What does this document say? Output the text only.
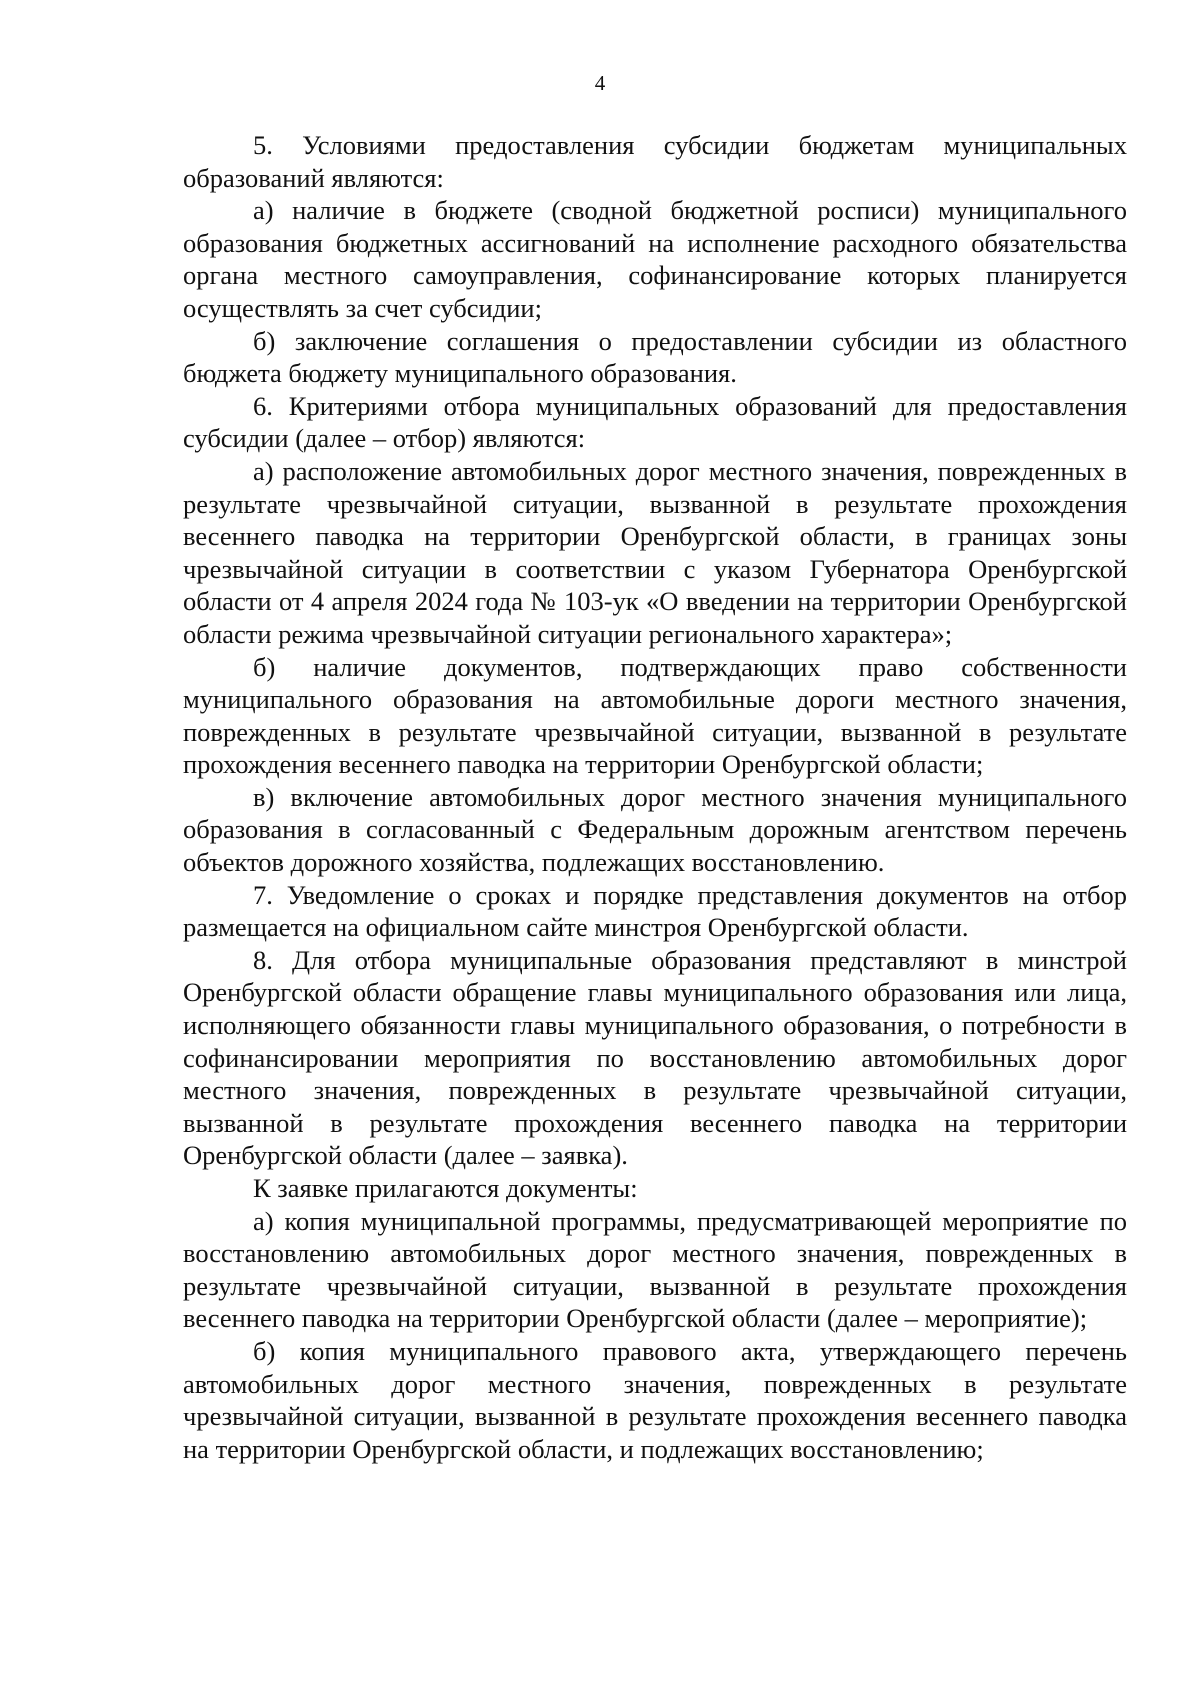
4

5. Условиями предоставления субсидии бюджетам муниципальных образований являются:

а) наличие в бюджете (сводной бюджетной росписи) муниципального образования бюджетных ассигнований на исполнение расходного обязательства органа местного самоуправления, софинансирование которых планируется осуществлять за счет субсидии;

б) заключение соглашения о предоставлении субсидии из областного бюджета бюджету муниципального образования.

6. Критериями отбора муниципальных образований для предоставления субсидии (далее – отбор) являются:

а) расположение автомобильных дорог местного значения, поврежденных в результате чрезвычайной ситуации, вызванной в результате прохождения весеннего паводка на территории Оренбургской области, в границах зоны чрезвычайной ситуации в соответствии с указом Губернатора Оренбургской области от 4 апреля 2024 года № 103-ук «О введении на территории Оренбургской области режима чрезвычайной ситуации регионального характера»;

б) наличие документов, подтверждающих право собственности муниципального образования на автомобильные дороги местного значения, поврежденных в результате чрезвычайной ситуации, вызванной в результате прохождения весеннего паводка на территории Оренбургской области;

в) включение автомобильных дорог местного значения муниципального образования в согласованный с Федеральным дорожным агентством перечень объектов дорожного хозяйства, подлежащих восстановлению.

7. Уведомление о сроках и порядке представления документов на отбор размещается на официальном сайте минстроя Оренбургской области.

8. Для отбора муниципальные образования представляют в минстрой Оренбургской области обращение главы муниципального образования или лица, исполняющего обязанности главы муниципального образования, о потребности в софинансировании мероприятия по восстановлению автомобильных дорог местного значения, поврежденных в результате чрезвычайной ситуации, вызванной в результате прохождения весеннего паводка на территории Оренбургской области (далее – заявка).

К заявке прилагаются документы:

а) копия муниципальной программы, предусматривающей мероприятие по восстановлению автомобильных дорог местного значения, поврежденных в результате чрезвычайной ситуации, вызванной в результате прохождения весеннего паводка на территории Оренбургской области (далее – мероприятие);

б) копия муниципального правового акта, утверждающего перечень автомобильных дорог местного значения, поврежденных в результате чрезвычайной ситуации, вызванной в результате прохождения весеннего паводка на территории Оренбургской области, и подлежащих восстановлению;
